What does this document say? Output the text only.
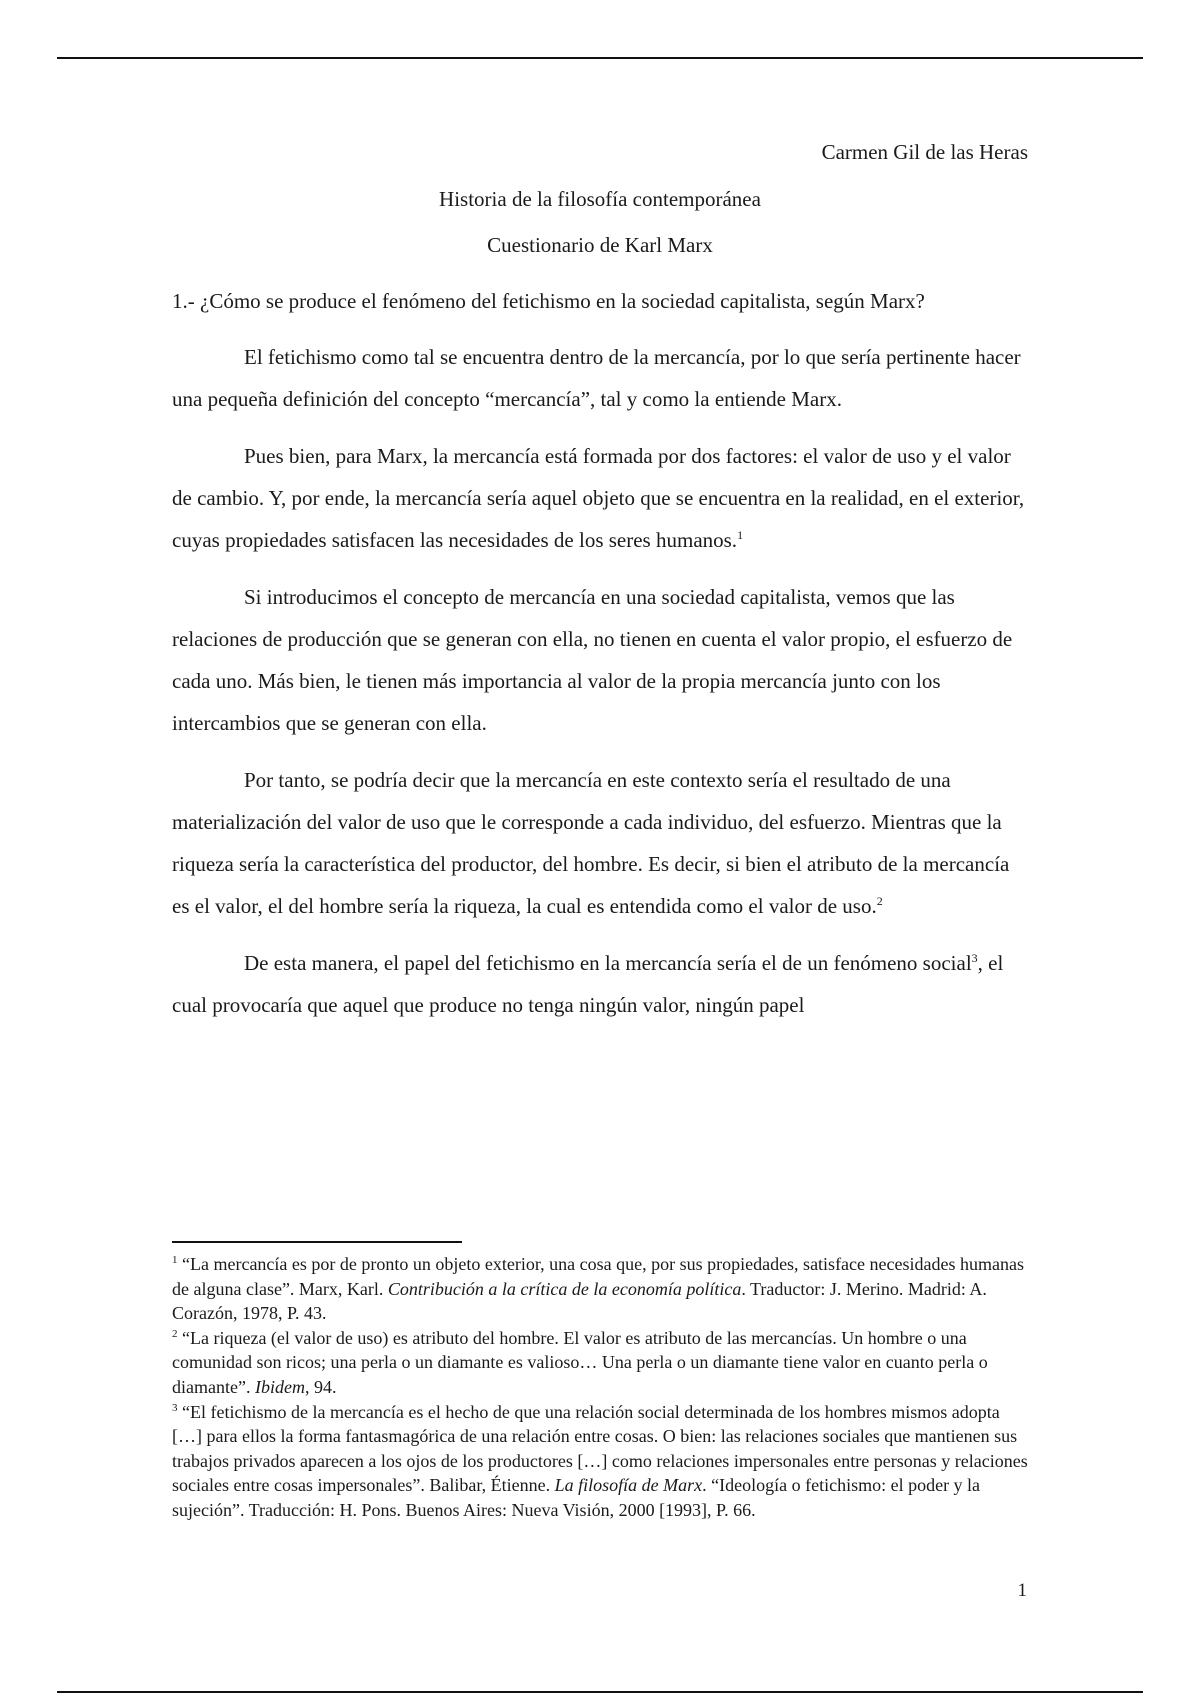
Carmen Gil de las Heras
Historia de la filosofía contemporánea
Cuestionario de Karl Marx

1.- ¿Cómo se produce el fenómeno del fetichismo en la sociedad capitalista, según Marx?

El fetichismo como tal se encuentra dentro de la mercancía, por lo que sería pertinente hacer una pequeña definición del concepto “mercancía”, tal y como la entiende Marx.

Pues bien, para Marx, la mercancía está formada por dos factores: el valor de uso y el valor de cambio. Y, por ende, la mercancía sería aquel objeto que se encuentra en la realidad, en el exterior, cuyas propiedades satisfacen las necesidades de los seres humanos.$^1$

Si introducimos el concepto de mercancía en una sociedad capitalista, vemos que las relaciones de producción que se generan con ella, no tienen en cuenta el valor propio, el esfuerzo de cada uno. Más bien, le tienen más importancia al valor de la propia mercancía junto con los intercambios que se generan con ella.

Por tanto, se podría decir que la mercancía en este contexto sería el resultado de una materialización del valor de uso que le corresponde a cada individuo, del esfuerzo. Mientras que la riqueza sería la característica del productor, del hombre. Es decir, si bien el atributo de la mercancía es el valor, el del hombre sería la riqueza, la cual es entendida como el valor de uso.$^2$

De esta manera, el papel del fetichismo en la mercancía sería el de un fenómeno social$^3$, el cual provocaría que aquel que produce no tenga ningún valor, ningún papel

$^1$ “La mercancía es por de pronto un objeto exterior, una cosa que, por sus propiedades, satisface necesidades humanas de alguna clase”. Marx, Karl. Contribución a la crítica de la economía política. Traductor: J. Merino. Madrid: A. Corazón, 1978, P. 43.

$^2$ “La riqueza (el valor de uso) es atributo del hombre. El valor es atributo de las mercancías. Un hombre o una comunidad son ricos; una perla o un diamante es valioso… Una perla o un diamante tiene valor en cuanto perla o diamante”. Ibidem, 94.

$^3$ “El fetichismo de la mercancía es el hecho de que una relación social determinada de los hombres mismos adopta […] para ellos la forma fantasmagórica de una relación entre cosas. O bien: las relaciones sociales que mantienen sus trabajos privados aparecen a los ojos de los productores […] como relaciones impersonales entre personas y relaciones sociales entre cosas impersonales”. Balibar, Étienne. La filosofía de Marx. “Ideología o fetichismo: el poder y la sujeción”. Traducción: H. Pons. Buenos Aires: Nueva Visión, 2000 [1993], P. 66.

1
